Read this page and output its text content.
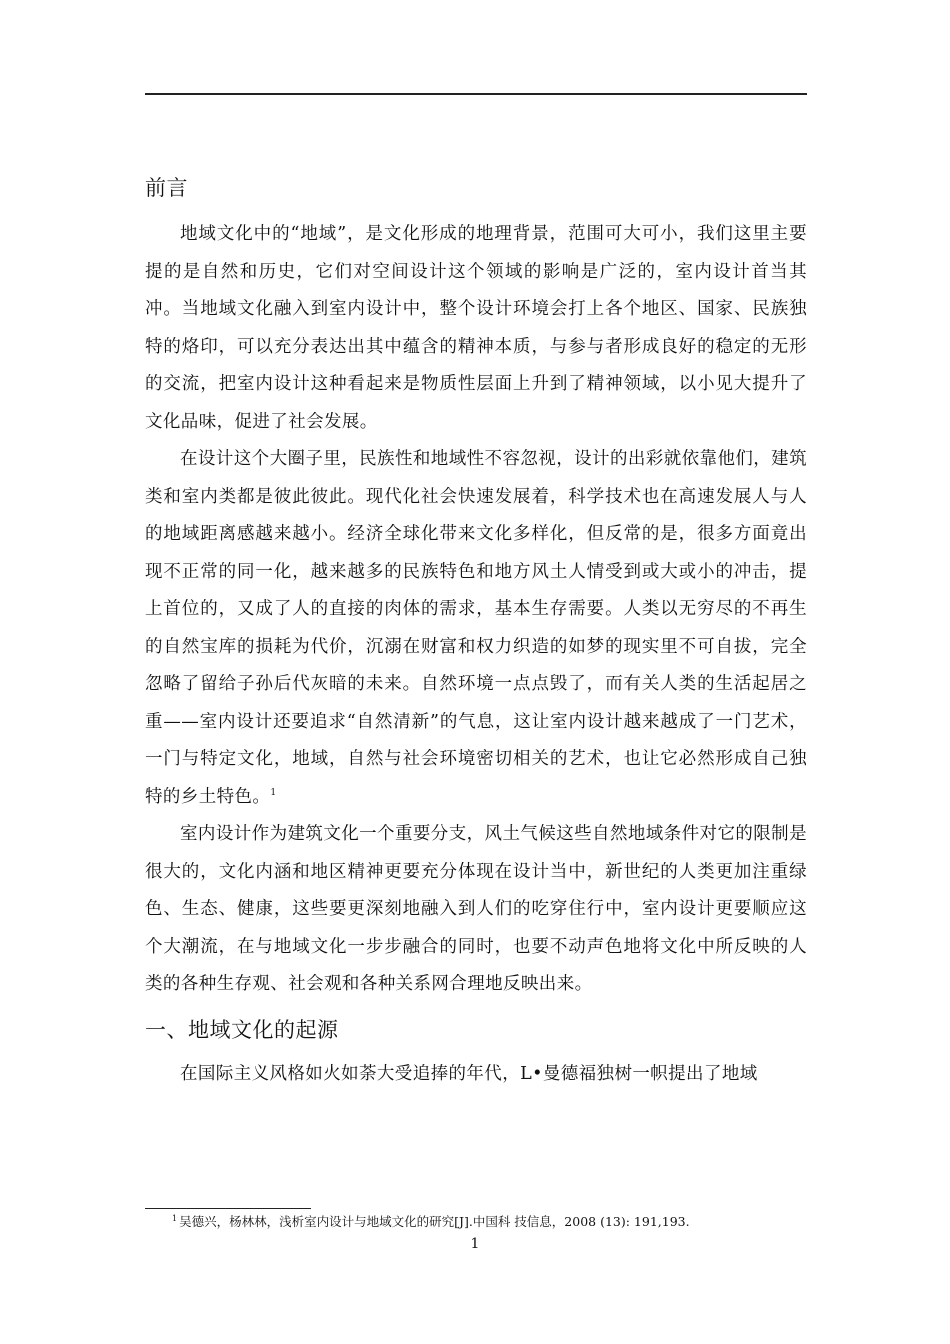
前言

地域文化中的“地域”，是文化形成的地理背景，范围可大可小，我们这里主要提的是自然和历史，它们对空间设计这个领域的影响是广泛的，室内设计首当其冲。当地域文化融入到室内设计中，整个设计环境会打上各个地区、国家、民族独特的烙印，可以充分表达出其中蕴含的精神本质，与参与者形成良好的稳定的无形的交流，把室内设计这种看起来是物质性层面上升到了精神领域，以小见大提升了文化品味，促进了社会发展。

在设计这个大圈子里，民族性和地域性不容忽视，设计的出彩就依靠他们，建筑类和室内类都是彼此彼此。现代化社会快速发展着，科学技术也在高速发展人与人的地域距离感越来越小。经济全球化带来文化多样化，但反常的是，很多方面竟出现不正常的同一化，越来越多的民族特色和地方风土人情受到或大或小的冲击，提上首位的，又成了人的直接的肉体的需求，基本生存需要。人类以无穷尽的不再生的自然宝库的损耗为代价，沉溺在财富和权力织造的如梦的现实里不可自拔，完全忽略了留给子孙后代灰暗的未来。自然环境一点点毁了，而有关人类的生活起居之重——室内设计还要追求“自然清新”的气息，这让室内设计越来越成了一门艺术，一门与特定文化，地域，自然与社会环境密切相关的艺术，也让它必然形成自己独特的乡土特色。$^1$

室内设计作为建筑文化一个重要分支，风土气候这些自然地域条件对它的限制是很大的，文化内涵和地区精神更要充分体现在设计当中，新世纪的人类更加注重绿色、生态、健康，这些要更深刻地融入到人们的吃穿住行中，室内设计更要顺应这个大潮流，在与地域文化一步步融合的同时，也要不动声色地将文化中所反映的人类的各种生存观、社会观和各种关系网合理地反映出来。

一、地域文化的起源

在国际主义风格如火如荼大受追捧的年代，L•曼德福独树一帜提出了地域

$^1$ 吴德兴，杨林林，浅析室内设计与地域文化的研究[J].中国科 技信息，2008 (13): 191,193.
1
